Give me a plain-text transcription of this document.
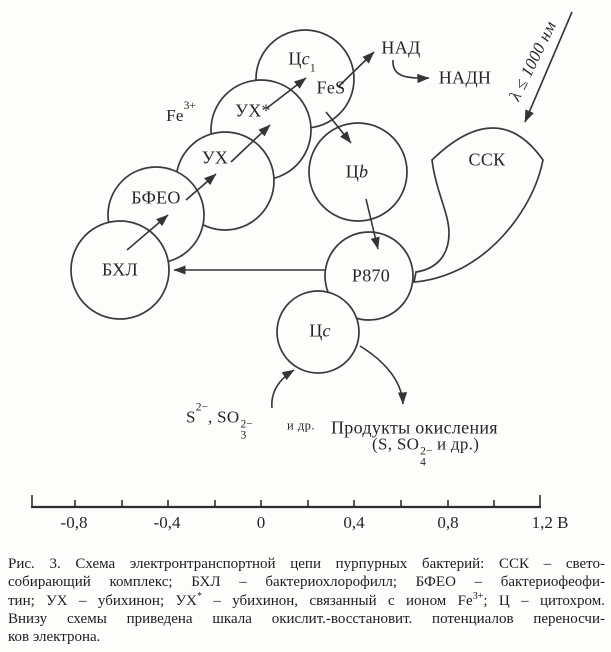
$Цc_1$
FeS
УХ*
УХ
БФЕО
БХЛ
Цb
P870
Цc
ССК
$Fe^{3+}$
НАД
НАДН λ ≤ 1000 нм
$S^{2-}$, SO 2−
3
и др. Продукты окисления
(S, SO 2−
4
и др.)
-0,8	-0,4	0	0,4	0,8	1,2 В
Рис. 3. Схема электронтранспортной цепи пурпурных бактерий: ССК – свето-
собирающий комплекс; БХЛ – бактериохлорофилл; БФЕО – бактериофеофи-
тин; УХ – убихинон; УХ* – убихинон, связанный с ионом $Fe^{3+}$; Ц – цитохром.
Внизу схемы приведена шкала окислит.-восстановит. потенциалов переносчи-
ков электрона.
